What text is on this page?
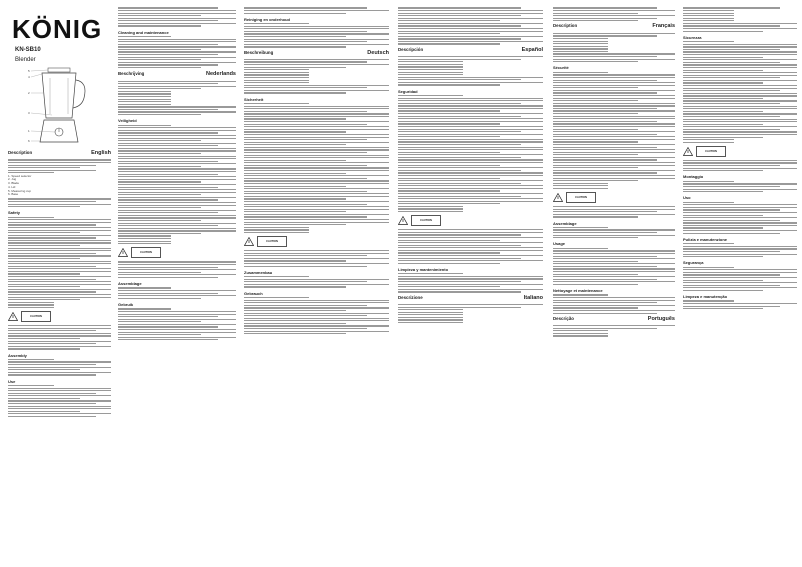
KÖNIG
KN-SB10
Blender
5
4
2
3
1
6
Description	English
1. Speed selector
2. Jug
3. Blade
4. Lid
5. Measuring cup
6. Base
Safety
CAUTION
Assembly
Use
Cleaning and maintenance
Beschrijving	Nederlands
Veiligheid
CAUTION
Assemblage
Gebruik
Reiniging en onderhoud
Beschreibung	Deutsch
Sicherheit
CAUTION
Zusammenbau
Gebrauch
Descripción	Español
Seguridad
CAUTION
Limpieza y mantenimiento
Descrizione	Italiano
Description	Français
Sécurité
CAUTION
Assemblage
Usage
Nettoyage et maintenance
Descrição	Português
Sicurezza
CAUTION
Montaggio
Uso
Pulizia e manutenzione
Segurança
Limpeza e manutenção
